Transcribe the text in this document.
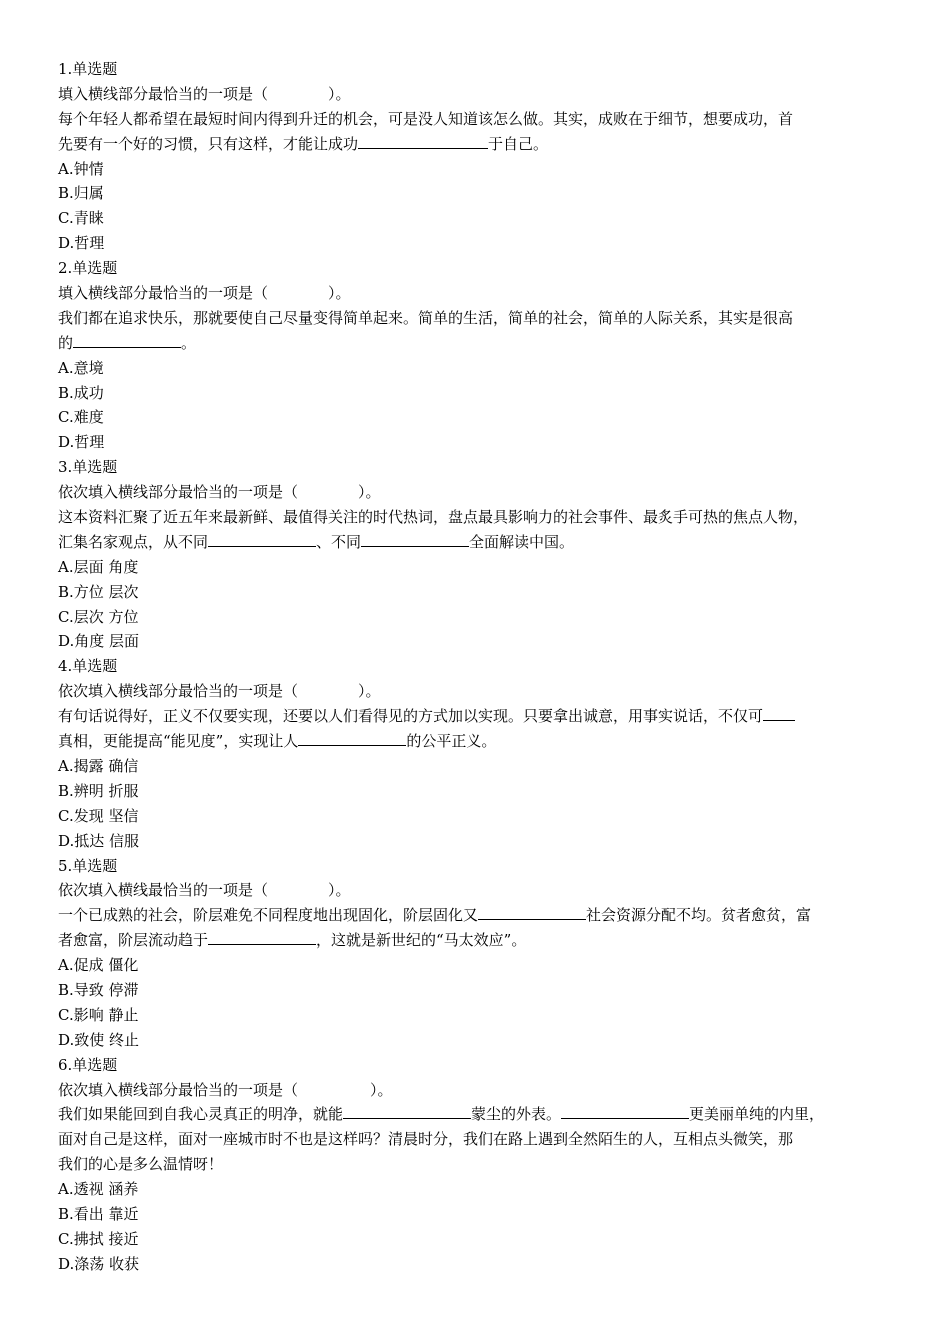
1.单选题
填入横线部分最恰当的一项是（	）。
每个年轻人都希望在最短时间内得到升迁的机会，可是没人知道该怎么做。其实，成败在于细节，想要成功，首
先要有一个好的习惯，只有这样，才能让成功	于自己。
A.钟情
B.归属
C.青睐
D.哲理
2.单选题
填入横线部分最恰当的一项是（	）。
我们都在追求快乐，那就要使自己尽量变得简单起来。简单的生活，简单的社会，简单的人际关系，其实是很高
的	。
A.意境
B.成功
C.难度
D.哲理
3.单选题
依次填入横线部分最恰当的一项是（	）。
这本资料汇聚了近五年来最新鲜、最值得关注的时代热词，盘点最具影响力的社会事件、最炙手可热的焦点人物，
汇集名家观点，从不同	、不同	全面解读中国。
A.层面 角度
B.方位 层次
C.层次 方位
D.角度 层面
4.单选题
依次填入横线部分最恰当的一项是（	）。
有句话说得好，正义不仅要实现，还要以人们看得见的方式加以实现。只要拿出诚意，用事实说话，不仅可
真相，更能提高“能见度”，实现让人	的公平正义。
A.揭露 确信
B.辨明 折服
C.发现 坚信
D.抵达 信服
5.单选题
依次填入横线最恰当的一项是（	）。
一个已成熟的社会，阶层难免不同程度地出现固化，阶层固化又	社会资源分配不均。贫者愈贫，富
者愈富，阶层流动趋于	，这就是新世纪的“马太效应”。
A.促成 僵化
B.导致 停滞
C.影响 静止
D.致使 终止
6.单选题
依次填入横线部分最恰当的一项是（	）。
我们如果能回到自我心灵真正的明净，就能	蒙尘的外表。	更美丽单纯的内里，
面对自己是这样，面对一座城市时不也是这样吗？清晨时分，我们在路上遇到全然陌生的人，互相点头微笑，那
我们的心是多么温情呀！
A.透视 涵养
B.看出 靠近
C.拂拭 接近
D.涤荡 收获
